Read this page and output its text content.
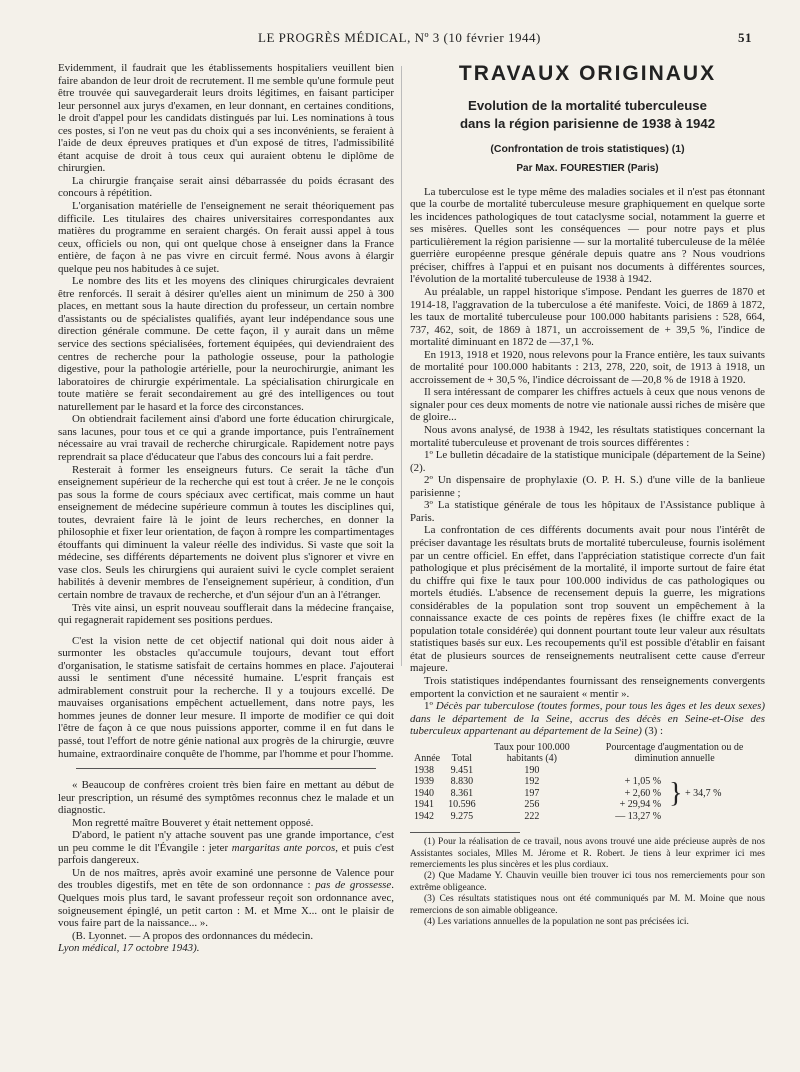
LE PROGRÈS MÉDICAL, Nº 3 (10 février 1944)	51

Evidemment, il faudrait que les établissements hospitaliers veuillent bien faire abandon de leur droit de recrutement. Il me semble qu'une formule peut être trouvée qui sauvegarderait leurs droits légitimes, en faisant participer leur personnel aux jurys d'examen, en leur donnant, en certaines conditions, le droit d'appel pour les candidats distingués par lui. Les nominations à tous ces postes, si l'on ne veut pas du choix qui a ses inconvénients, se feraient à l'aide de deux épreuves pratiques et d'un exposé de titres, l'admissibilité étant acquise de droit à tous ceux qui auraient obtenu le diplôme de chirurgien.

La chirurgie française serait ainsi débarrassée du poids écrasant des concours à répétition.

L'organisation matérielle de l'enseignement ne serait théoriquement pas difficile. Les titulaires des chaires universitaires correspondantes aux matières du programme en seraient chargés. On ferait aussi appel à tous ceux, officiels ou non, qui ont quelque chose à enseigner dans la France entière, de façon à ne pas vivre en circuit fermé. Nous avons à élargir quelque peu nos habitudes à ce sujet.

Le nombre des lits et les moyens des cliniques chirurgicales devraient être renforcés. Il serait à désirer qu'elles aient un minimum de 250 à 300 places, en mettant sous la haute direction du professeur, un certain nombre d'assistants ou de spécialistes qualifiés, ayant leur indépendance sous une direction générale commune. De cette façon, il y aurait dans un même service des sections spécialisées, fortement équipées, qui deviendraient des centres de recherche pour la pathologie osseuse, pour la pathologie digestive, pour la pathologie artérielle, pour la neurochirurgie, animant les laboratoires de chirurgie expérimentale. La spécialisation chirurgicale en toute matière se ferait secondairement au gré des intelligences ou tout naturellement par le hasard et la force des circonstances.

On obtiendrait facilement ainsi d'abord une forte éducation chirurgicale, sans lacunes, pour tous et ce qui a grande importance, puis l'entraînement nécessaire au vrai travail de recherche chirurgicale. Rapidement notre pays reprendrait sa place d'éducateur que l'abus des concours lui a fait perdre.

Resterait à former les enseigneurs futurs. Ce serait la tâche d'un enseignement supérieur de la recherche qui est tout à créer. Je ne le conçois pas sous la forme de cours spéciaux avec certificat, mais comme un haut enseignement de médecine supérieure commun à toutes les disciplines qui, toutes, devraient faire là le joint de leurs recherches, en donner la philosophie et fixer leur orientation, de façon à rompre les compartimentages étouffants qui diminuent la valeur réelle des individus. Si vaste que soit la médecine, ses différents départements ne doivent plus s'ignorer et vivre en vase clos. Seuls les chirurgiens qui auraient suivi le cycle complet seraient habilités à devenir membres de l'enseignement supérieur, à condition, d'un certain nombre de travaux de recherche, et d'un séjour d'un an à l'étranger.

Très vite ainsi, un esprit nouveau soufflerait dans la médecine française, qui regagnerait rapidement ses positions perdues.

C'est la vision nette de cet objectif national qui doit nous aider à surmonter les obstacles qu'accumule toujours, devant tout effort d'organisation, le statisme satisfait de certains hommes en place. J'ajouterai aussi le sentiment d'une nécessité humaine. L'esprit français est admirablement construit pour la recherche. Il y a toujours excellé. De mauvaises organisations empêchent actuellement, dans notre pays, les hommes jeunes de donner leur mesure. Il importe de modifier ce qui doit l'être de façon à ce que nous puissions apporter, comme il en fut dans le passé, tout l'effort de notre génie national aux progrès de la chirurgie, œuvre humaine, extraordinaire conquête de l'homme, par l'homme et pour l'homme.

« Beaucoup de confrères croient très bien faire en mettant au début de leur prescription, un résumé des symptômes reconnus chez le malade et un diagnostic.

Mon regretté maître Bouveret y était nettement opposé.

D'abord, le patient n'y attache souvent pas une grande importance, c'est un peu comme le dit l'Évangile : jeter margaritas ante porcos, et puis c'est parfois dangereux.

Un de nos maîtres, après avoir examiné une personne de Valence pour des troubles digestifs, met en tête de son ordonnance : pas de grossesse. Quelques mois plus tard, le savant professeur reçoit son ordonnance avec, soigneusement épinglé, un petit carton : M. et Mme X... ont le plaisir de vous faire part de la naissance... ».

(B. Lyonnet. — A propos des ordonnances du médecin.
Lyon médical, 17 octobre 1943).

TRAVAUX ORIGINAUX
Evolution de la mortalité tuberculeuse
dans la région parisienne de 1938 à 1942
(Confrontation de trois statistiques) (1)
Par Max. FOURESTIER (Paris)

La tuberculose est le type même des maladies sociales et il n'est pas étonnant que la courbe de mortalité tuberculeuse mesure graphiquement en quelque sorte les incidences pathologiques de tout cataclysme social, notamment la guerre et ses misères. Quelles sont les conséquences — pour notre pays et plus particulièrement la région parisienne — sur la mortalité tuberculeuse de la mêlée guerrière européenne presque générale depuis quatre ans ? Nous voudrions préciser, chiffres à l'appui et en puisant nos documents à différentes sources, l'évolution de la mortalité tuberculeuse de 1938 à 1942.

Au préalable, un rappel historique s'impose. Pendant les guerres de 1870 et 1914-18, l'aggravation de la tuberculose a été manifeste. Voici, de 1869 à 1872, les taux de mortalité tuberculeuse pour 100.000 habitants parisiens : 528, 664, 737, 462, soit, de 1869 à 1871, un accroissement de + 39,5 %, l'indice de mortalité diminuant en 1872 de —37,1 %.

En 1913, 1918 et 1920, nous relevons pour la France entière, les taux suivants de mortalité pour 100.000 habitants : 213, 278, 220, soit, de 1913 à 1918, un accroissement de + 30,5 %, l'indice décroissant de —20,8 % de 1918 à 1920.

Il sera intéressant de comparer les chiffres actuels à ceux que nous venons de signaler pour ces deux moments de notre vie nationale aussi riches de misère que de gloire...

Nous avons analysé, de 1938 à 1942, les résultats statistiques concernant la mortalité tuberculeuse et provenant de trois sources différentes :

1º Le bulletin décadaire de la statistique municipale (département de la Seine) (2).

2º Un dispensaire de prophylaxie (O. P. H. S.) d'une ville de la banlieue parisienne ;

3º La statistique générale de tous les hôpitaux de l'Assistance publique à Paris.

La confrontation de ces différents documents avait pour nous l'intérêt de préciser davantage les résultats bruts de mortalité tuberculeuse, fournis isolément par un centre officiel. En effet, dans l'appréciation statistique correcte d'un fait pathologique et plus précisément de la mortalité, il importe surtout de faire état du chiffre qui fixe le taux pour 100.000 individus de cas pathologiques ou mortels étudiés. L'absence de recensement depuis la guerre, les migrations considérables de la population sont trop souvent un empêchement à la connaissance exacte de ces points de repères fixes (le chiffre exact de la population totale considérée) qui donnent pourtant toute leur valeur aux résultats statistiques basés sur eux. Les recoupements qu'il est possible d'établir en faisant état de plusieurs sources de renseignements neutralisent cette cause d'erreur majeure.

Trois statistiques indépendantes fournissant des renseignements convergents emportent la conviction et ne sauraient « mentir ».

1º Décès par tuberculose (toutes formes, pour tous les âges et les deux sexes) dans le département de la Seine, accrus des décès en Seine-et-Oise des tuberculeux appartenant au département de la Seine) (3) :

Année	Total	Taux pour 100.000 habitants (4)	Pourcentage d'augmentation ou de diminution annuelle	
1938	9.451	190		} + 34,7 %
1939	8.830	192	+ 1,05 %	
1940	8.361	197	+ 2,60 %	
1941	10.596	256	+ 29,94 %	
1942	9.275	222	— 13,27 %	

(1) Pour la réalisation de ce travail, nous avons trouvé une aide précieuse auprès de nos Assistantes sociales, Mlles M. Jérome et R. Robert. Je tiens à leur exprimer ici mes remerciements les plus sincères et les plus cordiaux.

(2) Que Madame Y. Chauvin veuille bien trouver ici tous nos remerciements pour son extrême obligeance.

(3) Ces résultats statistiques nous ont été communiqués par M. M. Moine que nous remercions de son aimable obligeance.

(4) Les variations annuelles de la population ne sont pas précisées ici.
